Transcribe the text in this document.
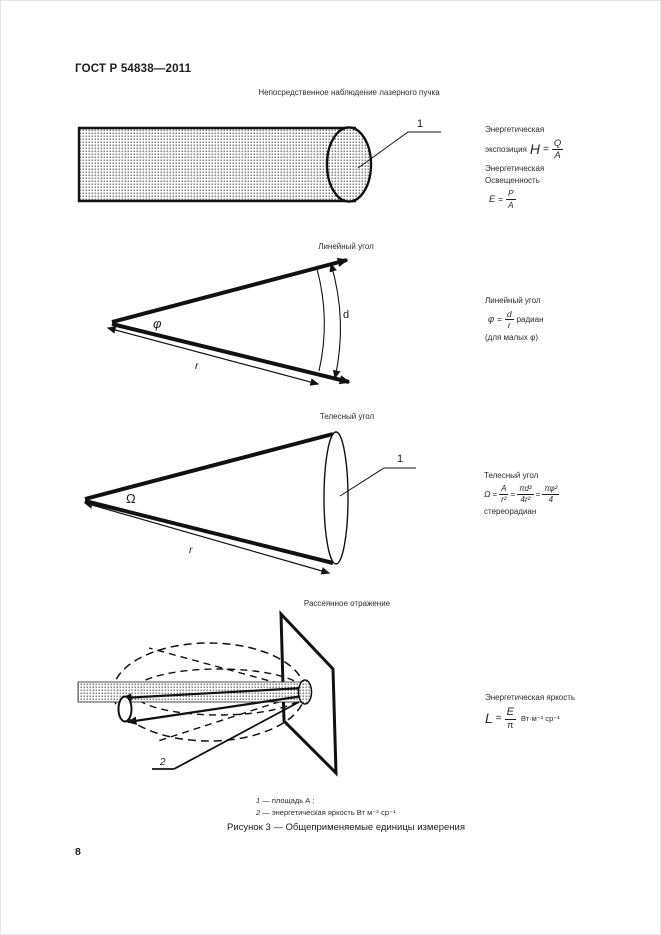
ГОСТ Р 54838—2011
Непосредственное наблюдение лазерного пучка
1	Энергетическая
экспозиция $H = \frac{Q}{A}$
Энергетическая
Освещенность
$E = \frac{P}{A}$
Линейный угол
φ
d
r
Линейный угол
$\varphi = \frac{d}{r}$ радиан
(для малых φ)
Телесный угол
1
Ω
r
Телесный угол
$\Omega = \frac{A}{\text{r²}} = \frac{\text{πd²}}{\text{4r²}} = \frac{\text{πφ²}}{4}$
стереорадиан
Рассеянное отражение
2
Энергетическая яркость
$L = \frac{E}{\pi} Вт\cdot м^{-2}$ ср⁻¹
1 — площадь А ;
2 — энергетическая яркость Вт м⁻²·ср⁻¹
Рисунок 3 — Общеприменяемые единицы измерения
8
